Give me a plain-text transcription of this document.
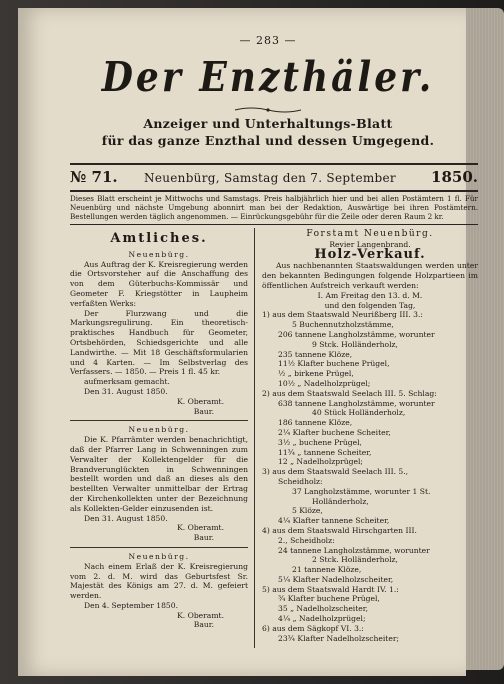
— 283 —
Der Enzthäler.
Anzeiger und Unterhaltungs-Blatt
für das ganze Enzthal und dessen Umgegend.
№ 71.	Neuenbürg, Samstag den 7. September 1850.
Dieses Blatt erscheint je Mittwochs und Samstags. Preis halbjährlich hier und bei allen Postämtern 1 fl. Für Neuenbürg und nächste Umgebung abonnirt man bei der Redaktion, Auswärtige bei ihren Postämtern. Bestellungen werden täglich angenommen. — Einrückungsgebühr für die Zeile oder deren Raum 2 kr.
Amtliches.

Neuenbürg.

Aus Auftrag der K. Kreisregierung werden die Ortsvorsteher auf die Anschaffung des von dem Güterbuchs-Kommissär und Geometer F. Kriegstötter in Laupheim verfaßten Werks:

Der Flurzwang und die Markungsregulirung. Ein theoretisch-praktisches Handbuch für Geometer, Ortsbehörden, Schiedsgerichte und alle Landwirthe. — Mit 18 Geschäftsformularien und 4 Karten. — Im Selbstverlag des Verfassers. — 1850. — Preis 1 fl. 45 kr.

aufmerksam gemacht.

Den 31. August 1850.

K. Oberamt.

Baur.

Neuenbürg.

Die K. Pfarrämter werden benachrichtigt, daß der Pfarrer Lang in Schwenningen zum Verwalter der Kollektengelder für die Brandverunglückten in Schwenningen bestellt worden und daß an dieses als den bestellten Verwalter unmittelbar der Ertrag der Kirchenkollekten unter der Bezeichnung als Kollekten-Gelder einzusenden ist.

Den 31. August 1850.

K. Oberamt.

Baur.

Neuenbürg.

Nach einem Erlaß der K. Kreisregierung vom 2. d. M. wird das Geburtsfest Sr. Majestät des Königs am 27. d. M. gefeiert werden.

Den 4. September 1850.

K. Oberamt.

Baur.

Forstamt Neuenbürg.

Revier Langenbrand.

Holz-Verkauf.

Aus nachbenannten Staatswaldungen werden unter den bekannten Bedingungen folgende Holzpartieen im öffentlichen Aufstreich verkauft werden:

I. Am Freitag den 13. d. M.

und den folgenden Tag,

1) aus dem Staatswald Neurißberg III. 3.:

5 Buchennutzholzstämme,

206 tannene Langholzstämme, worunter

9 Stck. Holländerholz,

235 tannene Klöze,

11½ Klafter buchene Prügel,

½ „ birkene Prügel,

10½ „ Nadelholzprügel;

2) aus dem Staatswald Seelach III. 5. Schlag:

638 tannene Langholzstämme, worunter

40 Stück Holländerholz,

186 tannene Klöze,

2¼ Klafter buchene Scheiter,

3½ „ buchene Prügel,

11¾ „ tannene Scheiter,

12 „ Nadelholzprügel;

3) aus dem Staatswald Seelach III. 5.,

Scheidholz:

37 Langholzstämme, worunter 1 St.

Holländerholz,

5 Klöze,

4¼ Klafter tannene Scheiter,

4) aus dem Staatswald Hirschgarten III.

2., Scheidholz:

24 tannene Langholzstämme, worunter

2 Stck. Holländerholz,

21 tannene Klöze,

5¼ Klafter Nadelholzscheiter,

5) aus dem Staatswald Hardt IV. 1.:

¾ Klafter buchene Prügel,

35 „ Nadelholzscheiter,

4¼ „ Nadelholzprügel;

6) aus dem Sägkopf VI. 3.:

23¾ Klafter Nadelholzscheiter;
